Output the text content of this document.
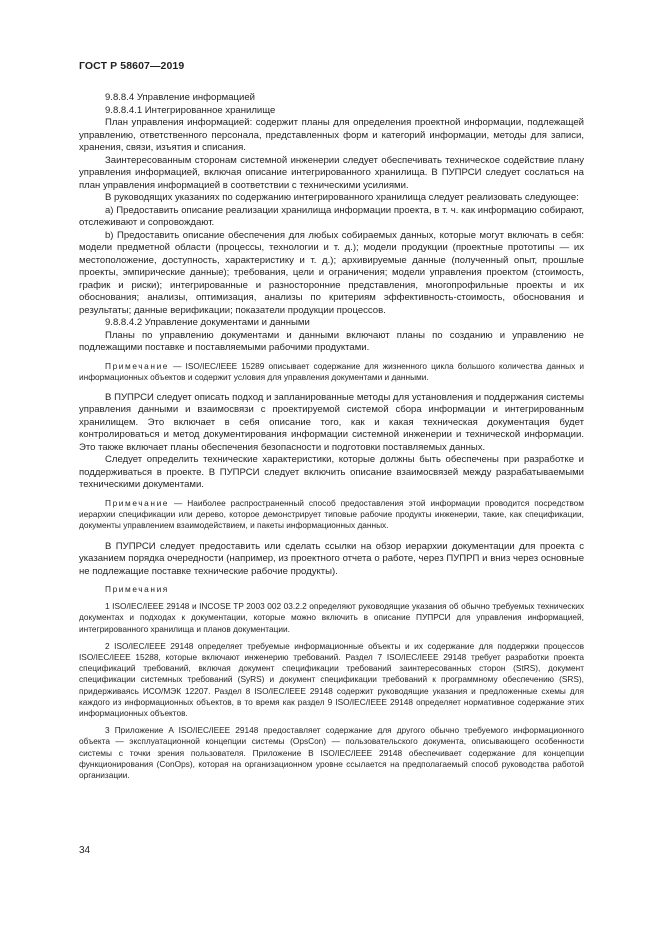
ГОСТ Р 58607—2019

9.8.8.4 Управление информацией

9.8.8.4.1 Интегрированное хранилище

План управления информацией: содержит планы для определения проектной информации, подлежащей управлению, ответственного персонала, представленных форм и категорий информации, методы для записи, хранения, связи, изъятия и списания.

Заинтересованным сторонам системной инженерии следует обеспечивать техническое содействие плану управления информацией, включая описание интегрированного хранилища. В ПУПРСИ следует сослаться на план управления информацией в соответствии с техническими усилиями.

В руководящих указаниях по содержанию интегрированного хранилища следует реализовать следующее:

a) Предоставить описание реализации хранилища информации проекта, в т. ч. как информацию собирают, отслеживают и сопровождают.

b) Предоставить описание обеспечения для любых собираемых данных, которые могут включать в себя: модели предметной области (процессы, технологии и т. д.); модели продукции (проектные прототипы — их местоположение, доступность, характеристику и т. д.); архивируемые данные (полученный опыт, прошлые проекты, эмпирические данные); требования, цели и ограничения; модели управления проектом (стоимость, график и риски); интегрированные и разносторонние представления, многопрофильные проекты и их обоснования; анализы, оптимизация, анализы по критериям эффективность-стоимость, обоснования и результаты; данные верификации; показатели продукции процессов.

9.8.8.4.2 Управление документами и данными

Планы по управлению документами и данными включают планы по созданию и управлению не подлежащими поставке и поставляемыми рабочими продуктами.

Примечание — ISO/IEC/IEEE 15289 описывает содержание для жизненного цикла большого количества данных и информационных объектов и содержит условия для управления документами и данными.

В ПУПРСИ следует описать подход и запланированные методы для установления и поддержания системы управления данными и взаимосвязи с проектируемой системой сбора информации и интегрированным хранилищем. Это включает в себя описание того, как и какая техническая документация будет контролироваться и метод документирования информации системной инженерии и технической информации. Это также включает планы обеспечения безопасности и подготовки поставляемых данных.

Следует определить технические характеристики, которые должны быть обеспечены при разработке и поддерживаться в проекте. В ПУПРСИ следует включить описание взаимосвязей между разрабатываемыми техническими документами.

Примечание — Наиболее распространенный способ предоставления этой информации проводится посредством иерархии спецификации или дерево, которое демонстрирует типовые рабочие продукты инженерии, такие, как спецификации, документы управлением взаимодействием, и пакеты информационных данных.

В ПУПРСИ следует предоставить или сделать ссылки на обзор иерархии документации для проекта с указанием порядка очередности (например, из проектного отчета о работе, через ПУПРП и вниз через основные не подлежащие поставке технические рабочие продукты).

Примечания

1 ISO/IEC/IEEE 29148 и INCOSE TP 2003 002 03.2.2 определяют руководящие указания об обычно требуемых технических документах и подходах к документации, которые можно включить в описание ПУПРСИ для управления информацией, интегрированного хранилища и планов документации.

2 ISO/IEC/IEEE 29148 определяет требуемые информационные объекты и их содержание для поддержки процессов ISO/IEC/IEEE 15288, которые включают инженерию требований. Раздел 7 ISO/IEC/IEEE 29148 требует разработки проекта спецификаций требований, включая документ спецификации требований заинтересованных сторон (StRS), документ спецификации системных требований (SyRS) и документ спецификации требований к программному обеспечению (SRS), придерживаясь ИСО/МЭК 12207. Раздел 8 ISO/IEC/IEEE 29148 содержит руководящие указания и предложенные схемы для каждого из информационных объектов, в то время как раздел 9 ISO/IEC/IEEE 29148 определяет нормативное содержание этих информационных объектов.

3 Приложение A ISO/IEC/IEEE 29148 предоставляет содержание для другого обычно требуемого информационного объекта — эксплуатационной концепции системы (OpsCon) — пользовательского документа, описывающего особенности системы с точки зрения пользователя. Приложение B ISO/IEC/IEEE 29148 обеспечивает содержание для концепции функционирования (ConOps), которая на организационном уровне ссылается на предполагаемый способ руководства работой организации.

34
